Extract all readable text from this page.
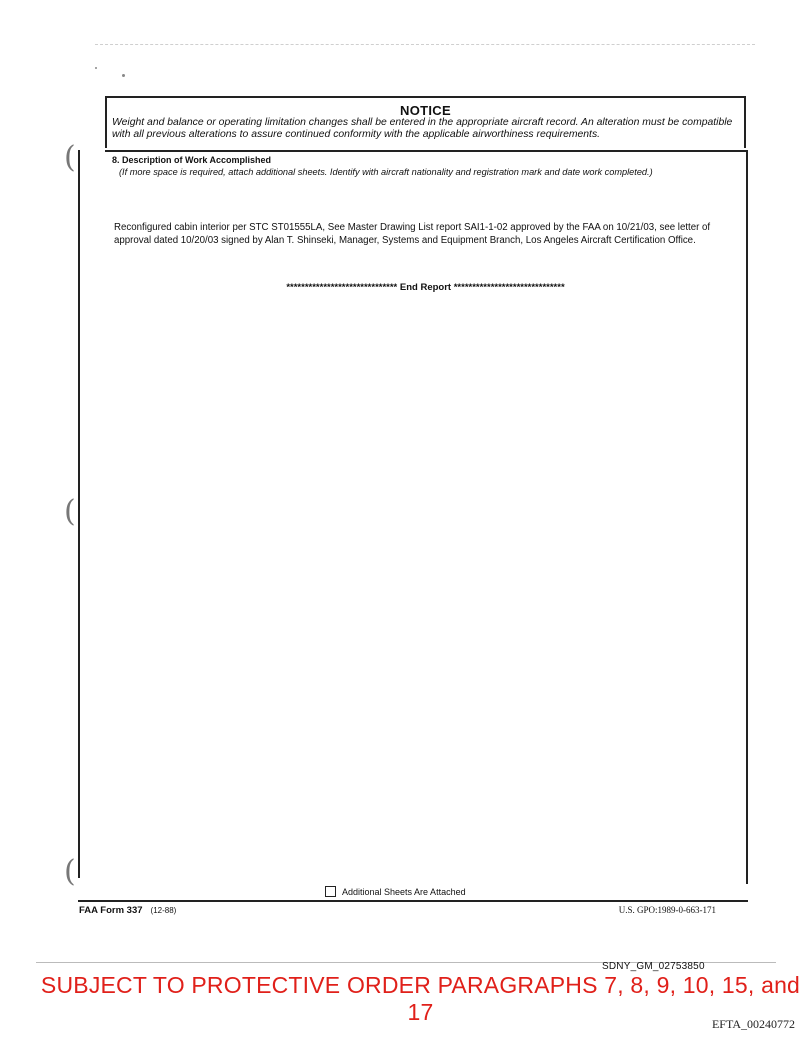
(
(
(
NOTICE
Weight and balance or operating limitation changes shall be entered in the appropriate aircraft record. An alteration must be compatible with all previous alterations to assure continued conformity with the applicable airworthiness requirements.
8. Description of Work Accomplished
(If more space is required, attach additional sheets. Identify with aircraft nationality and registration mark and date work completed.)
Reconfigured cabin interior per STC ST01555LA, See Master Drawing List report SAI1-1-02 approved by the FAA on 10/21/03, see letter of approval dated 10/20/03 signed by Alan T. Shinseki, Manager, Systems and Equipment Branch, Los Angeles Aircraft Certification Office.
****************************** End Report ******************************
Additional Sheets Are Attached
FAA Form 337 (12-88)	U.S. GPO:1989-0-663-171
SDNY_GM_02753850
SUBJECT TO PROTECTIVE ORDER PARAGRAPHS 7, 8, 9, 10, 15, and 17	EFTA_00240772
